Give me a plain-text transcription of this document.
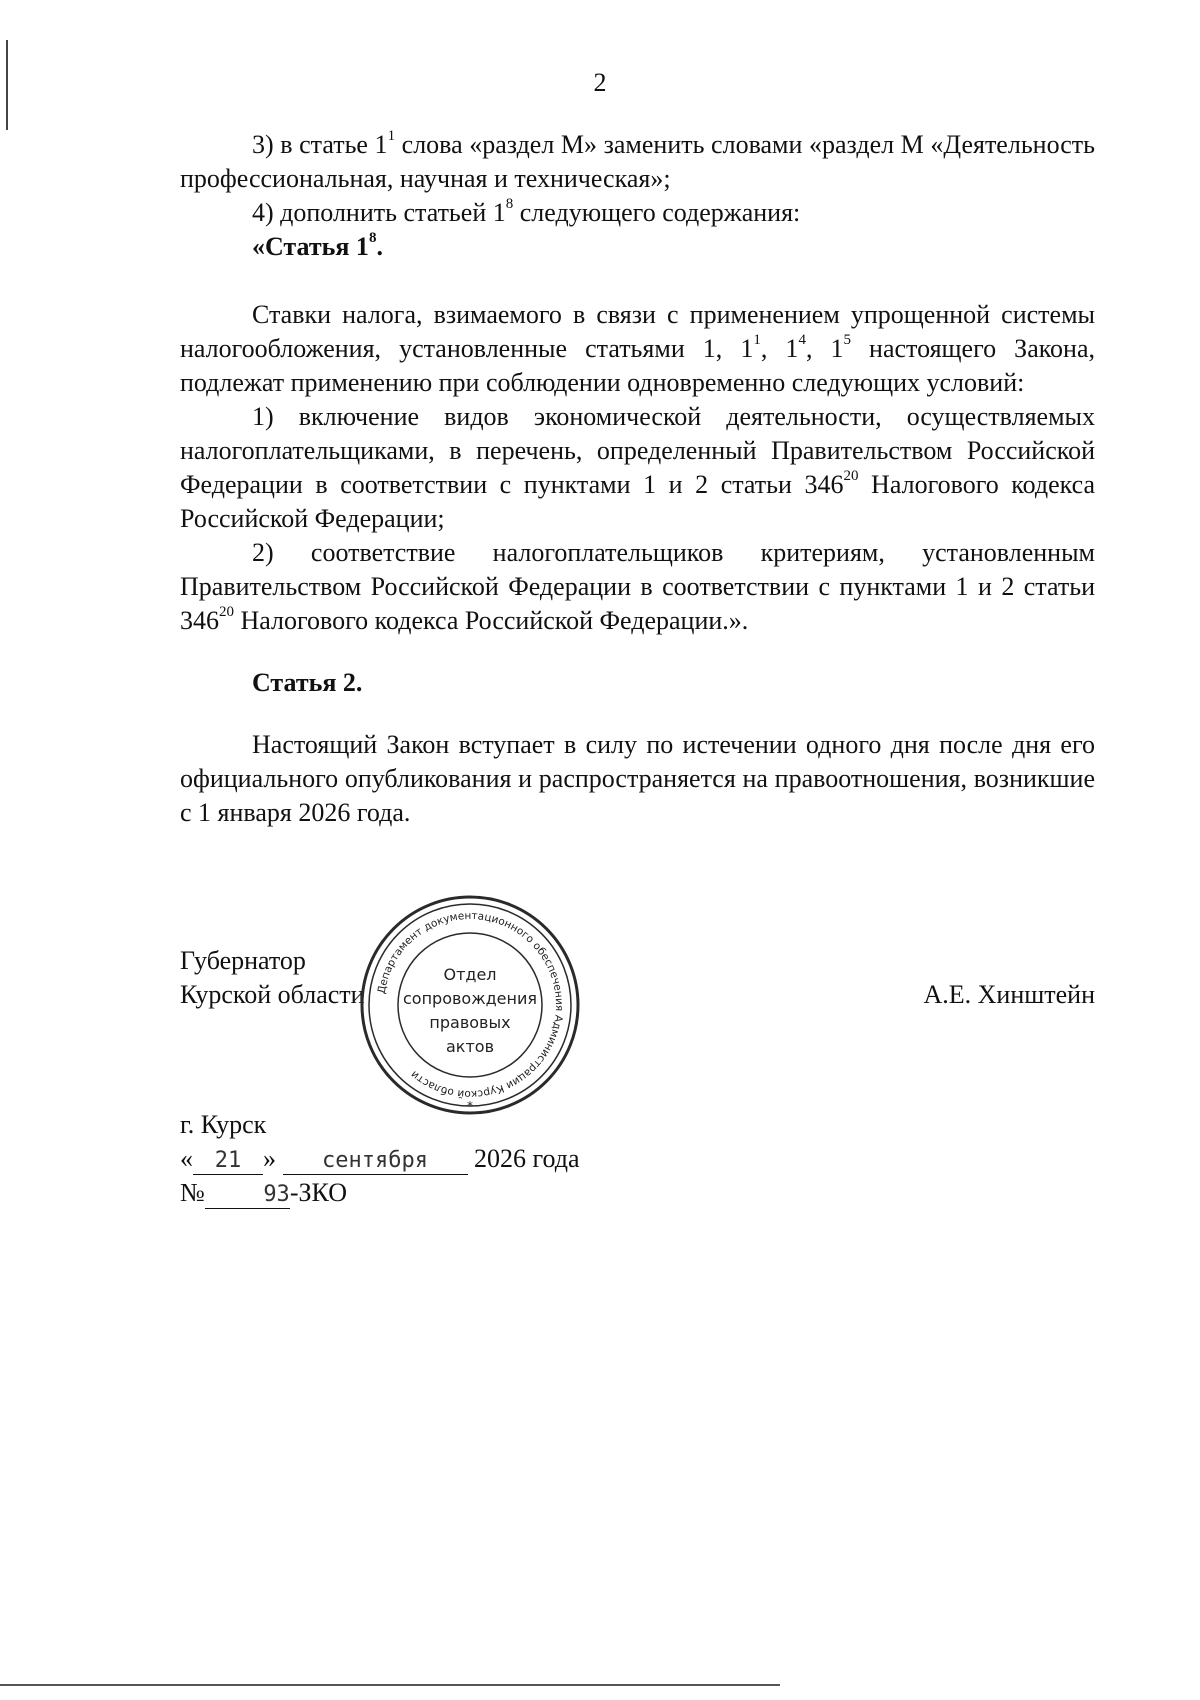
2

3) в статье $1^1$ слова «раздел М» заменить словами «раздел М «Деятельность профессиональная, научная и техническая»;

4) дополнить статьей $1^8$ следующего содержания:

«Статья $1^8$.

Ставки налога, взимаемого в связи с применением упрощенной системы налогообложения, установленные статьями 1, $1^1$, $1^4$, $1^5$ настоящего Закона, подлежат применению при соблюдении одновременно следующих условий:

1) включение видов экономической деятельности, осуществляемых налогоплательщиками, в перечень, определенный Правительством Российской Федерации в соответствии с пунктами 1 и 2 статьи $346^{20}$ Налогового кодекса Российской Федерации;

2) соответствие налогоплательщиков критериям, установленным Правительством Российской Федерации в соответствии с пунктами 1 и 2 статьи $346^{20}$ Налогового кодекса Российской Федерации.».

Статья 2.

Настоящий Закон вступает в силу по истечении одного дня после дня его официального опубликования и распространяется на правоотношения, возникшие с 1 января 2026 года.

Губернатор
Курской области	А.Е. Хинштейн
Департамент документационного обеспечения Администрации Курской области
*
Отдел
сопровождения
правовых
актов
г. Курск
« 21 » сентября 2026 года
№	93-ЗКО
